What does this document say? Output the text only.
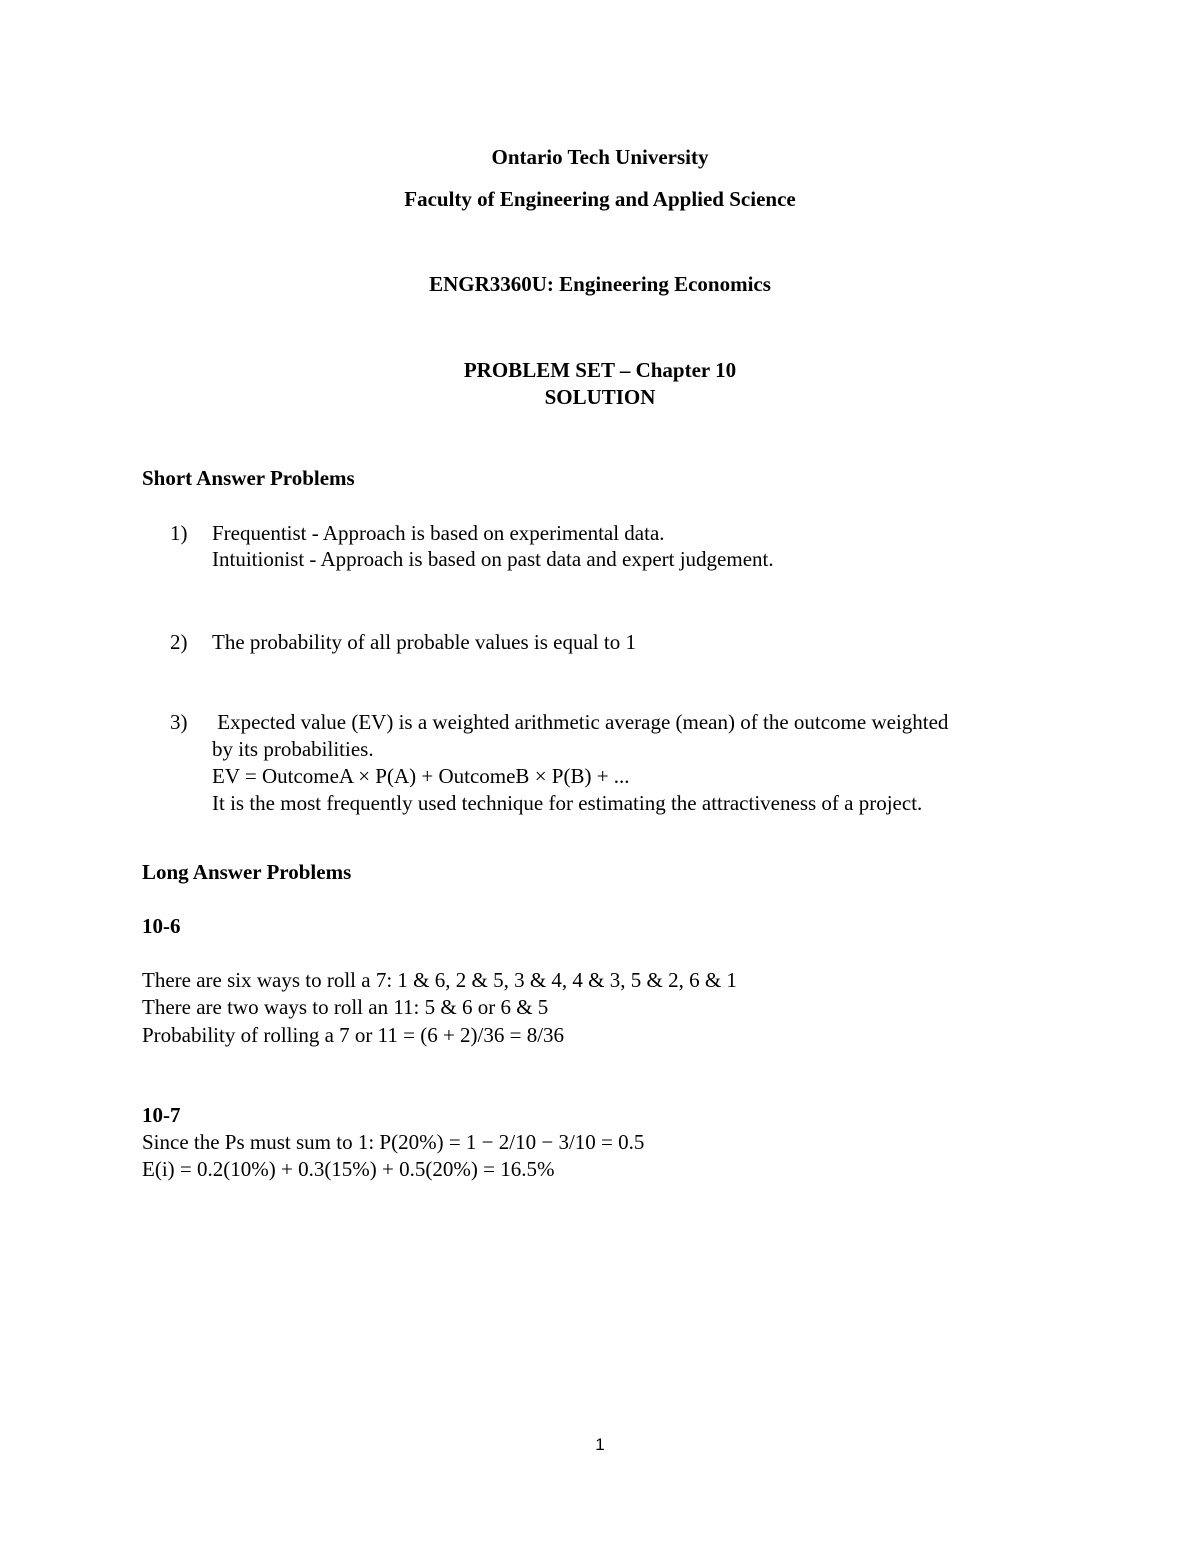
Ontario Tech University
Faculty of Engineering and Applied Science
ENGR3360U: Engineering Economics
PROBLEM SET – Chapter 10
SOLUTION
Short Answer Problems
1) Frequentist - Approach is based on experimental data.
Intuitionist - Approach is based on past data and expert judgement.
2) The probability of all probable values is equal to 1
3) Expected value (EV) is a weighted arithmetic average (mean) of the outcome weighted
by its probabilities.
EV = OutcomeA × P(A) + OutcomeB × P(B) + ...
It is the most frequently used technique for estimating the attractiveness of a project.
Long Answer Problems
10-6
There are six ways to roll a 7: 1 & 6, 2 & 5, 3 & 4, 4 & 3, 5 & 2, 6 & 1
There are two ways to roll an 11: 5 & 6 or 6 & 5
Probability of rolling a 7 or 11 = (6 + 2)/36 = 8/36
10-7
Since the Ps must sum to 1: P(20%) = 1 − 2/10 − 3/10 = 0.5
E(i) = 0.2(10%) + 0.3(15%) + 0.5(20%) = 16.5%
1
